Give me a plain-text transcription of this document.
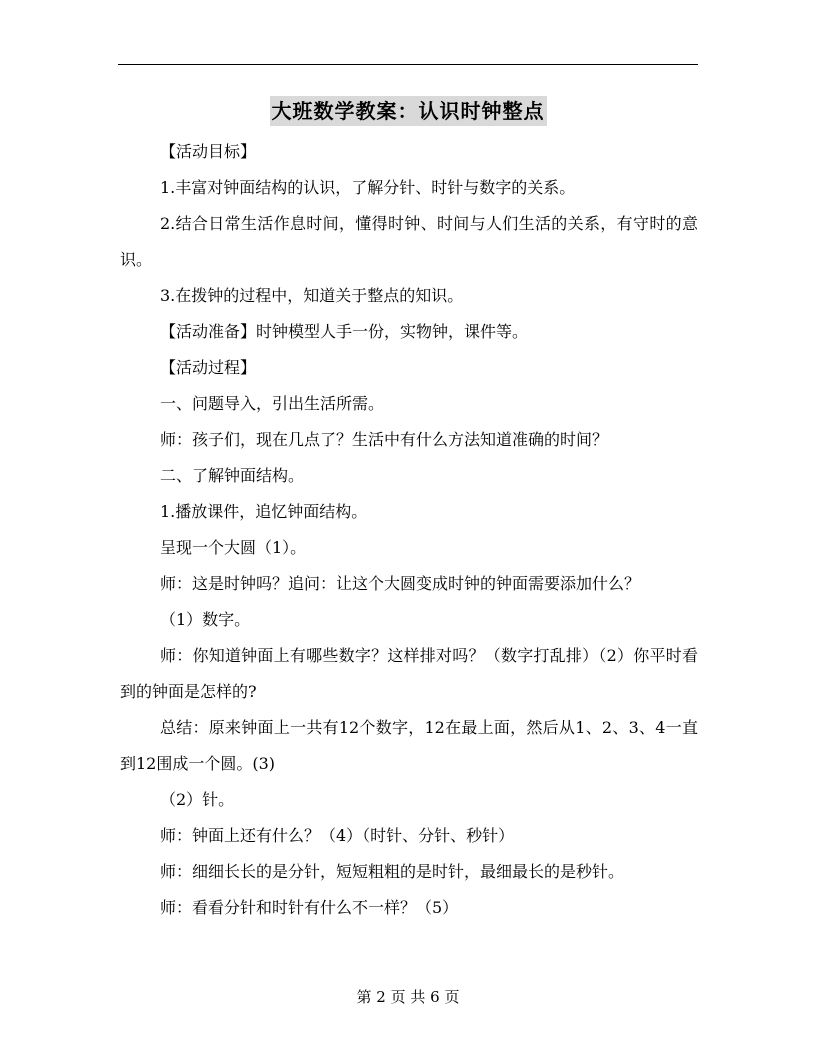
大班数学教案：认识时钟整点
【活动目标】
1.丰富对钟面结构的认识，了解分针、时针与数字的关系。
2.结合日常生活作息时间，懂得时钟、时间与人们生活的关系，有守时的意识。
3.在拨钟的过程中，知道关于整点的知识。
【活动准备】时钟模型人手一份，实物钟，课件等。
【活动过程】
一、问题导入，引出生活所需。
师：孩子们，现在几点了？生活中有什么方法知道准确的时间？
二、了解钟面结构。
1.播放课件，追忆钟面结构。
呈现一个大圆（1）。
师：这是时钟吗？追问：让这个大圆变成时钟的钟面需要添加什么？
（1）数字。
师：你知道钟面上有哪些数字？这样排对吗？（数字打乱排）（2）你平时看到的钟面是怎样的?
总结：原来钟面上一共有12个数字，12在最上面，然后从1、2、3、4一直到12围成一个圆。(3)
（2）针。
师：钟面上还有什么？（4）（时针、分针、秒针）
师：细细长长的是分针，短短粗粗的是时针，最细最长的是秒针。
师：看看分针和时针有什么不一样？（5）
第 2 页 共 6 页
